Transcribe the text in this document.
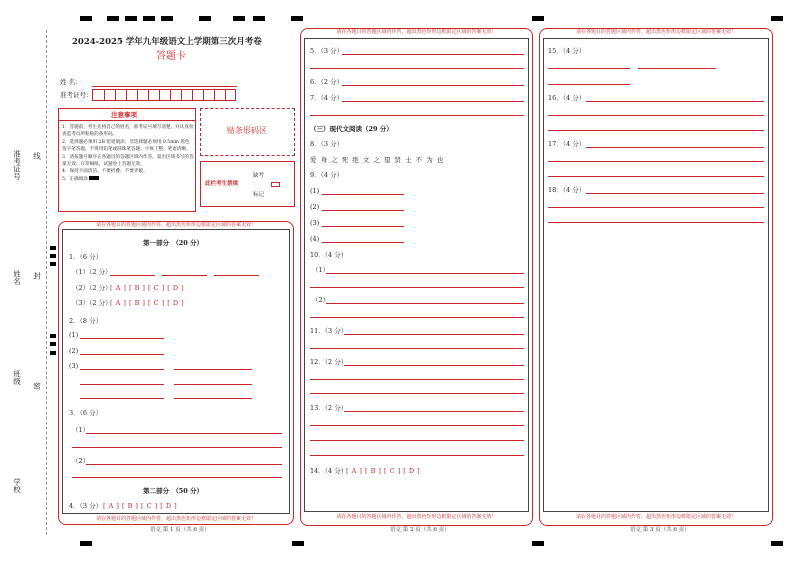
准考证号 线
姓名 封
班级
密
学校
2024-2025 学年九年级语文上学期第三次月考卷
答题卡
姓 名：
准考证号：
注意事项
1．答题前，考生先将自己的姓名，准考证号填写清楚，并认真检查监考员所粘贴的条形码。
2．选择题必须用 2B 铅笔填涂；非选择题必须用 0.5mm 黑色签字笔答题，不得用铅笔或圆珠笔答题；字体工整、笔迹清晰。
3．请按题号顺序在各题目的答题区域内作答，超出区域书写的答案无效；在草稿纸、试题卷上答题无效。
4．保持卡面清洁，不要折叠、不要弄破。
5．正确填涂
贴条形码区
此栏考生禁填
缺考
标记
请在各题目的答题区域内作答，超出黑色矩形边框限定区域的答案无效！
请在各题目的答题区域内作答，超出黑色矩形边框限定区域的答案无效！
语文 第 1 页（共 6 页）
第一部分　（20 分）
1．（6 分）
（1）（2 分）
（2）（2 分）
[ A ] [ B ] [ C ] [ D ]
（3）（2 分）
[ A ] [ B ] [ C ] [ D ]
2．（8 分）
(1)
(2)
(3)
3．（6 分）
（1）
（2）
第二部分　（50 分）
4．（3 分） [ A ] [ B ] [ C ] [ D ]
请在各题目的答题区域内作答，超出黑色矩形边框限定区域的答案无效！
请在各题目的答题区域内作答，超出黑色矩形边框限定区域的答案无效！
语文 第 2 页（共 6 页）
5．（3 分）
6．（2 分）
7．（4 分）
（三）现代文阅读（29 分）
8．（3 分）
爱 身 之 死 绝 文 之 望 贤 士 不 为 也
9．（4 分）
(1)
(2)
(3)
(4)
10．（4 分）
（1）
（2）
11．（3 分）
12．（2 分）
13．（2 分）
14．（4 分）
[ A ] [ B ] [ C ] [ D ]
请在各题目的答题区域内作答，超出黑色矩形边框限定区域的答案无效！
请在各题目的答题区域内作答，超出黑色矩形边框限定区域的答案无效！
语文 第 3 页（共 6 页）
15．（4 分）
16．（4 分）
17．（4 分）
18．（4 分）
